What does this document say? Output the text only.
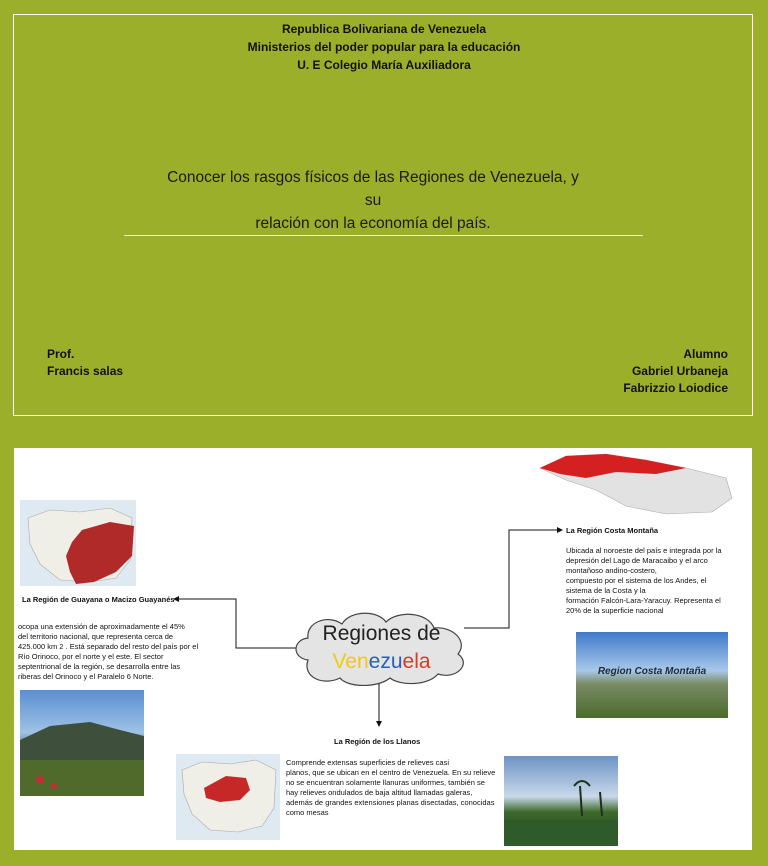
Republica Bolivariana de Venezuela
Ministerios del poder popular para la educación
U. E Colegio María Auxiliadora
Conocer los rasgos físicos de las Regiones de Venezuela, y
su
relación con la economía del país.
Prof.
Francis salas
Alumno
Gabriel Urbaneja
Fabrizzio Loiodice
Regiones de
Venezuela
La Región de Guayana o Macizo Guayanés
ocopa una extensión de aproximadamente el 45%
del territorio nacional, que representa cerca de
425.000 km 2 . Está separado del resto del país por el
Río Orinoco, por el norte y el este. El sector
septentrional de la región, se desarrolla entre las
riberas del Orinoco y el Paralelo 6 Norte.
La Región Costa Montaña
Ubicada al noroeste del país e integrada por la
depresión del Lago de Maracaibo y el arco
montañoso andino-costero,
compuesto por el sistema de los Andes, el
sistema de la Costa y la
formación Falcón-Lara-Yaracuy. Representa el
20% de la superficie nacional
Region Costa Montaña
La Región de los Llanos
Comprende extensas superficies de relieves casi
planos, que se ubican en el centro de Venezuela. En su relieve
no se encuentran solamente llanuras uniformes, también se
hay relieves ondulados de baja altitud llamadas galeras,
además de grandes extensiones planas disectadas, conocidas
como mesas
